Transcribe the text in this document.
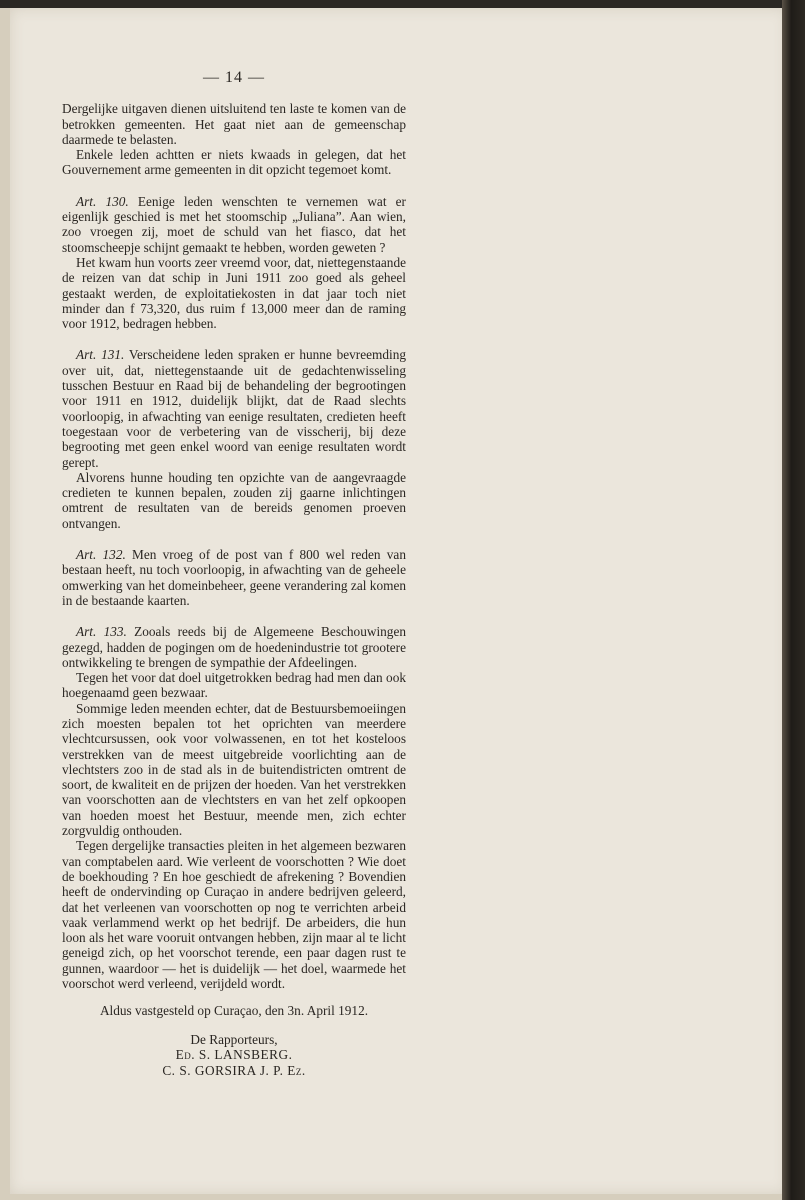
— 14 —

Dergelijke uitgaven dienen uitsluitend ten laste te komen van de betrokken gemeenten. Het gaat niet aan de gemeenschap daarmede te belasten.

Enkele leden achtten er niets kwaads in gelegen, dat het Gouvernement arme gemeenten in dit opzicht tegemoet komt.

Art. 130. Eenige leden wenschten te vernemen wat er eigenlijk geschied is met het stoomschip „Juliana”. Aan wien, zoo vroegen zij, moet de schuld van het fiasco, dat het stoomscheepje schijnt gemaakt te hebben, worden geweten ?

Het kwam hun voorts zeer vreemd voor, dat, niettegenstaande de reizen van dat schip in Juni 1911 zoo goed als geheel gestaakt werden, de exploitatiekosten in dat jaar toch niet minder dan f 73,320, dus ruim f 13,000 meer dan de raming voor 1912, bedragen hebben.

Art. 131. Verscheidene leden spraken er hunne bevreemding over uit, dat, niettegenstaande uit de gedachtenwisseling tusschen Bestuur en Raad bij de behandeling der begrootingen voor 1911 en 1912, duidelijk blijkt, dat de Raad slechts voorloopig, in afwachting van eenige resultaten, credieten heeft toegestaan voor de verbetering van de visscherij, bij deze begrooting met geen enkel woord van eenige resultaten wordt gerept.

Alvorens hunne houding ten opzichte van de aangevraagde credieten te kunnen bepalen, zouden zij gaarne inlichtingen omtrent de resultaten van de bereids genomen proeven ontvangen.

Art. 132. Men vroeg of de post van f 800 wel reden van bestaan heeft, nu toch voorloopig, in afwachting van de geheele omwerking van het domeinbeheer, geene verandering zal komen in de bestaande kaarten.

Art. 133. Zooals reeds bij de Algemeene Beschouwingen gezegd, hadden de pogingen om de hoedenindustrie tot grootere ontwikkeling te brengen de sympathie der Afdeelingen.

Tegen het voor dat doel uitgetrokken bedrag had men dan ook hoegenaamd geen bezwaar.

Sommige leden meenden echter, dat de Bestuursbemoeiingen zich moesten bepalen tot het oprichten van meerdere vlechtcursussen, ook voor volwassenen, en tot het kosteloos verstrekken van de meest uitgebreide voorlichting aan de vlechtsters zoo in de stad als in de buitendistricten omtrent de soort, de kwaliteit en de prijzen der hoeden. Van het verstrekken van voorschotten aan de vlechtsters en van het zelf opkoopen van hoeden moest het Bestuur, meende men, zich echter zorgvuldig onthouden.

Tegen dergelijke transacties pleiten in het algemeen bezwaren van comptabelen aard. Wie verleent de voorschotten ? Wie doet de boekhouding ? En hoe geschiedt de afrekening ? Bovendien heeft de ondervinding op Curaçao in andere bedrijven geleerd, dat het verleenen van voorschotten op nog te verrichten arbeid vaak verlammend werkt op het bedrijf. De arbeiders, die hun loon als het ware vooruit ontvangen hebben, zijn maar al te licht geneigd zich, op het voorschot terende, een paar dagen rust te gunnen, waardoor — het is duidelijk — het doel, waarmede het voorschot werd verleend, verijdeld wordt.

Aldus vastgesteld op Curaçao, den 3n. April 1912.

De Rapporteurs,

Ed. S. LANSBERG.

C. S. GORSIRA J. P. Ez.
